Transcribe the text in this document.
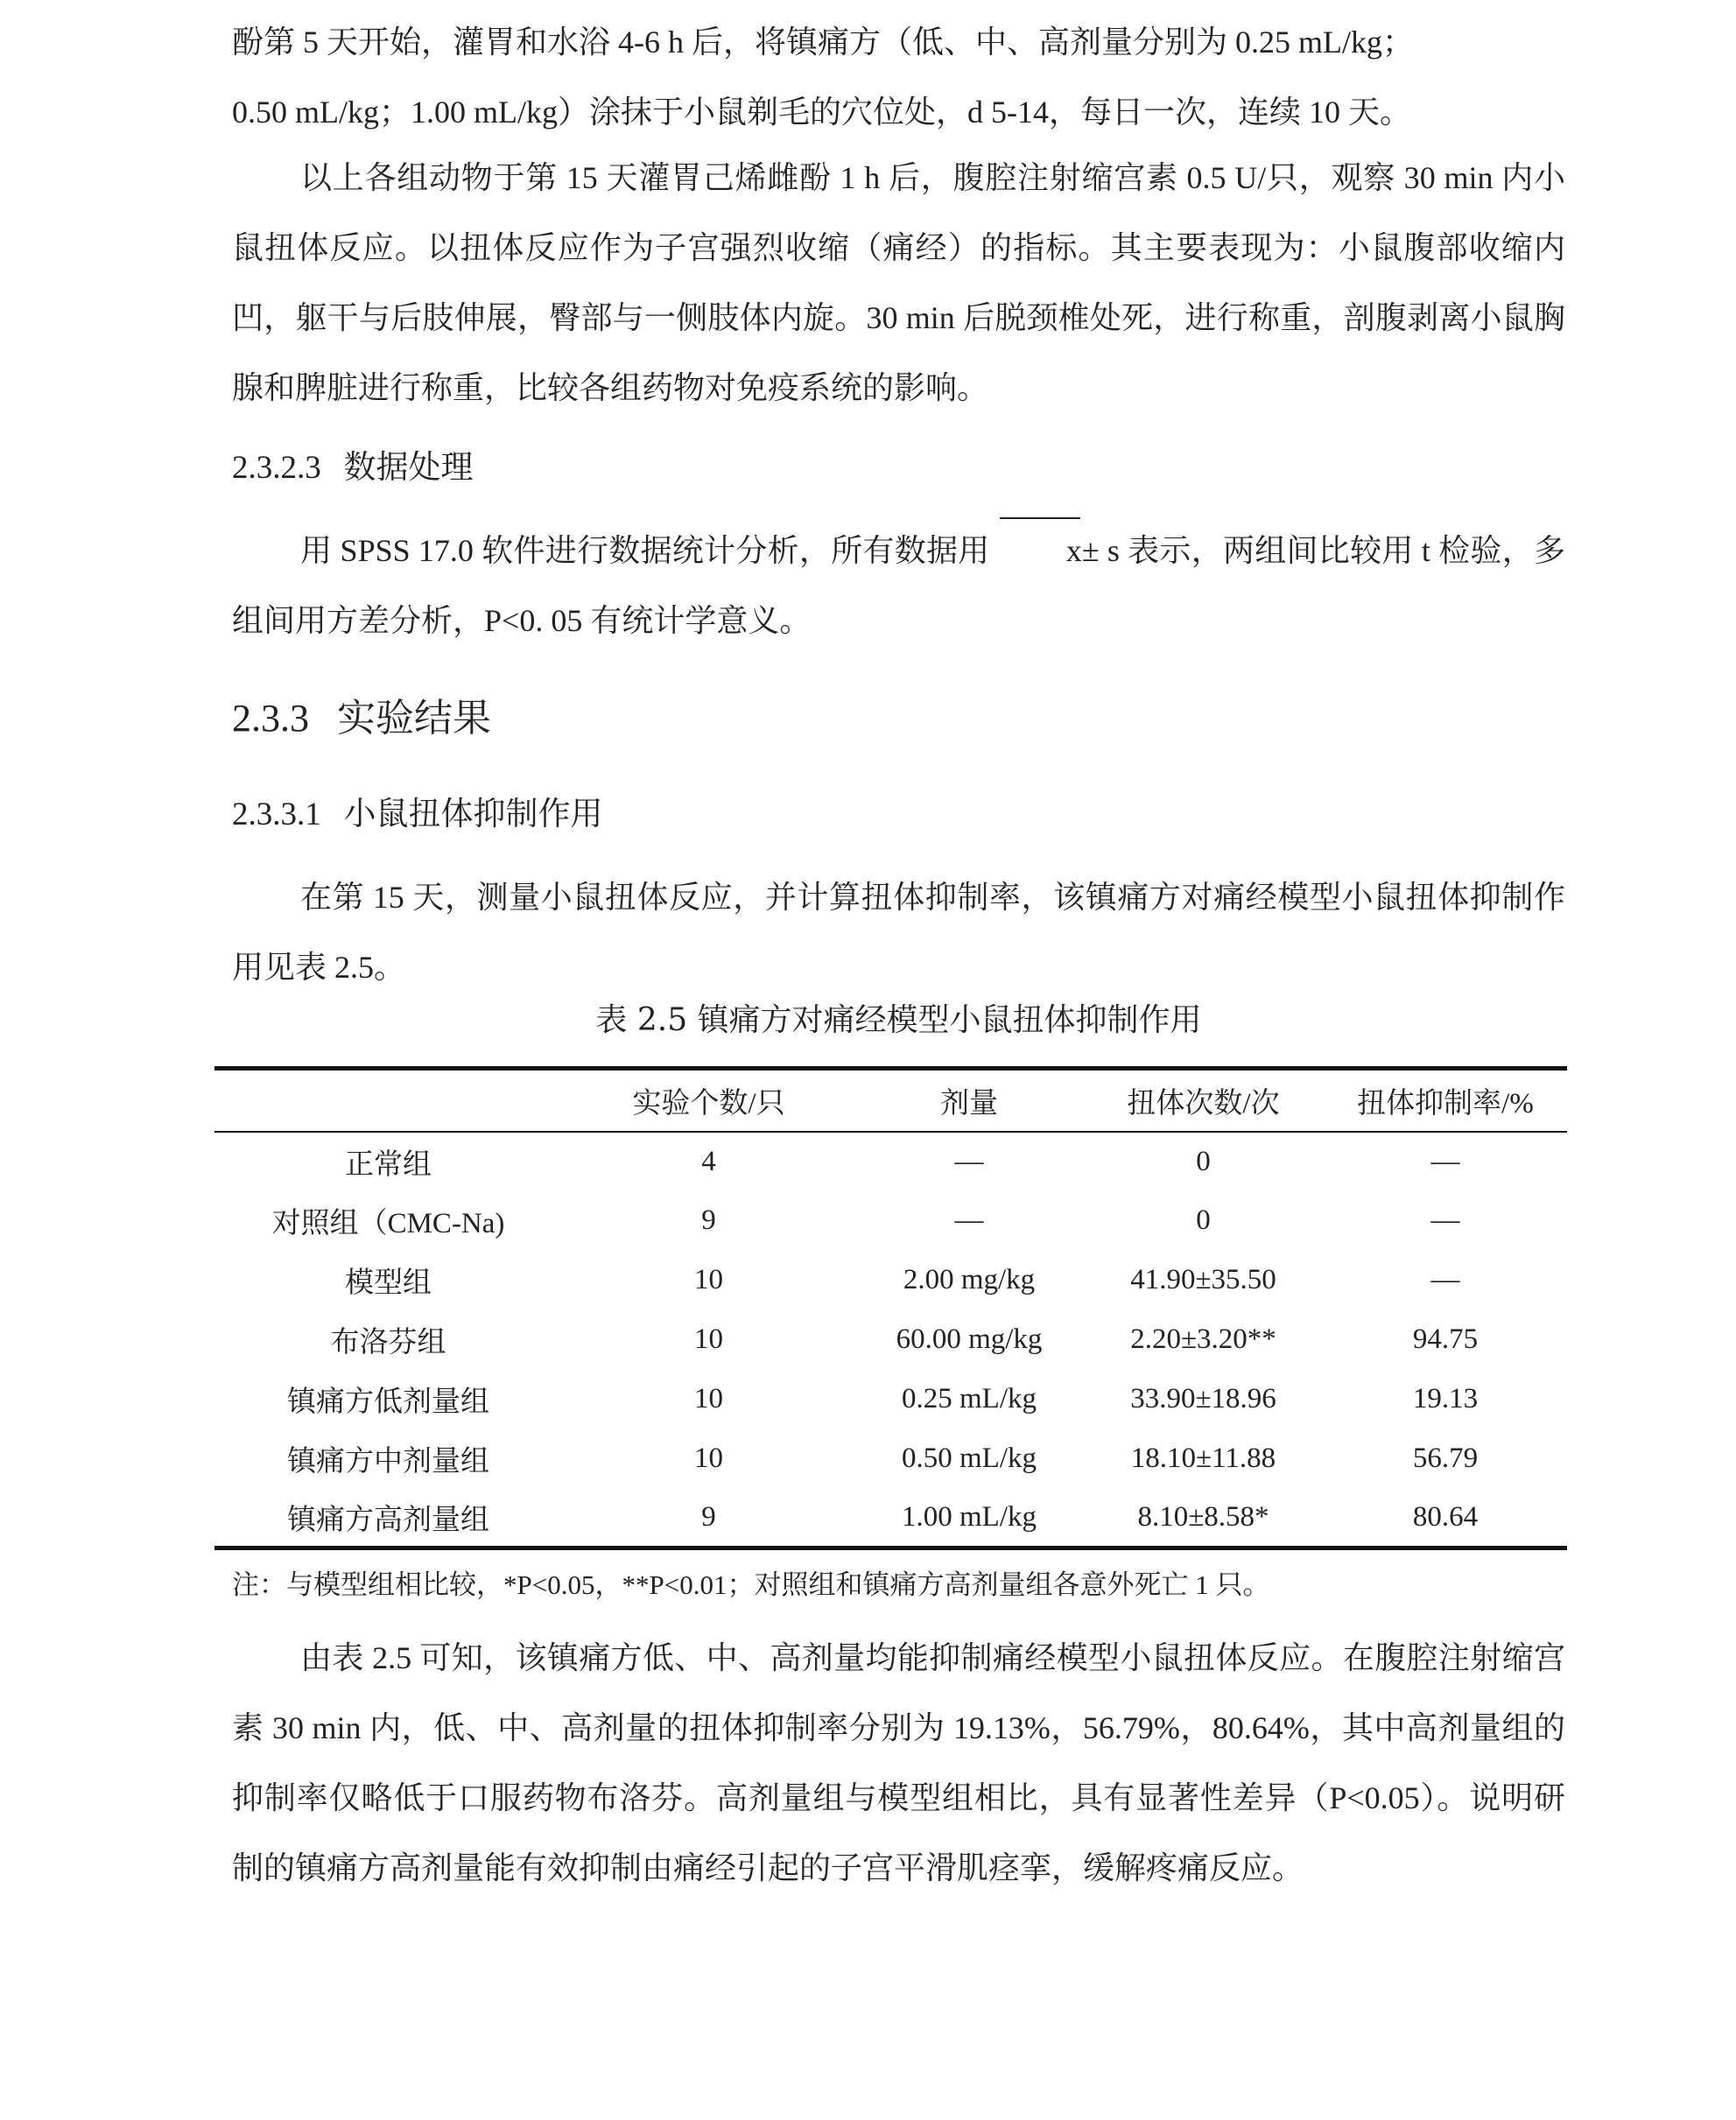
酚第 5 天开始，灌胃和水浴 4-6 h 后，将镇痛方（低、中、高剂量分别为 0.25 mL/kg；

0.50 mL/kg；1.00 mL/kg）涂抹于小鼠剃毛的穴位处，d 5-14，每日一次，连续 10 天。

以上各组动物于第 15 天灌胃己烯雌酚 1 h 后，腹腔注射缩宫素 0.5 U/只，观察 30 min 内小鼠扭体反应。以扭体反应作为子宫强烈收缩（痛经）的指标。其主要表现为：小鼠腹部收缩内凹，躯干与后肢伸展，臀部与一侧肢体内旋。30 min 后脱颈椎处死，进行称重，剖腹剥离小鼠胸腺和脾脏进行称重，比较各组药物对免疫系统的影响。

2.3.2.3 数据处理

用 SPSS 17.0 软件进行数据统计分析，所有数据用 x± s 表示，两组间比较用 t 检验，多组间用方差分析，P<0. 05 有统计学意义。

2.3.3 实验结果
2.3.3.1 小鼠扭体抑制作用

在第 15 天，测量小鼠扭体反应，并计算扭体抑制率，该镇痛方对痛经模型小鼠扭体抑制作用见表 2.5。

表 2.5 镇痛方对痛经模型小鼠扭体抑制作用

	实验个数/只	剂量	扭体次数/次	扭体抑制率/%
正常组	4	—	0	—
对照组（CMC-Na)	9	—	0	—
模型组	10	2.00 mg/kg	41.90±35.50	—
布洛芬组	10	60.00 mg/kg	2.20±3.20**	94.75
镇痛方低剂量组	10	0.25 mL/kg	33.90±18.96	19.13
镇痛方中剂量组	10	0.50 mL/kg	18.10±11.88	56.79
镇痛方高剂量组	9	1.00 mL/kg	8.10±8.58*	80.64

注：与模型组相比较，*P<0.05，**P<0.01；对照组和镇痛方高剂量组各意外死亡 1 只。

由表 2.5 可知，该镇痛方低、中、高剂量均能抑制痛经模型小鼠扭体反应。在腹腔注射缩宫素 30 min 内，低、中、高剂量的扭体抑制率分别为 19.13%，56.79%，80.64%，其中高剂量组的抑制率仅略低于口服药物布洛芬。高剂量组与模型组相比，具有显著性差异（P<0.05）。说明研制的镇痛方高剂量能有效抑制由痛经引起的子宫平滑肌痉挛，缓解疼痛反应。
